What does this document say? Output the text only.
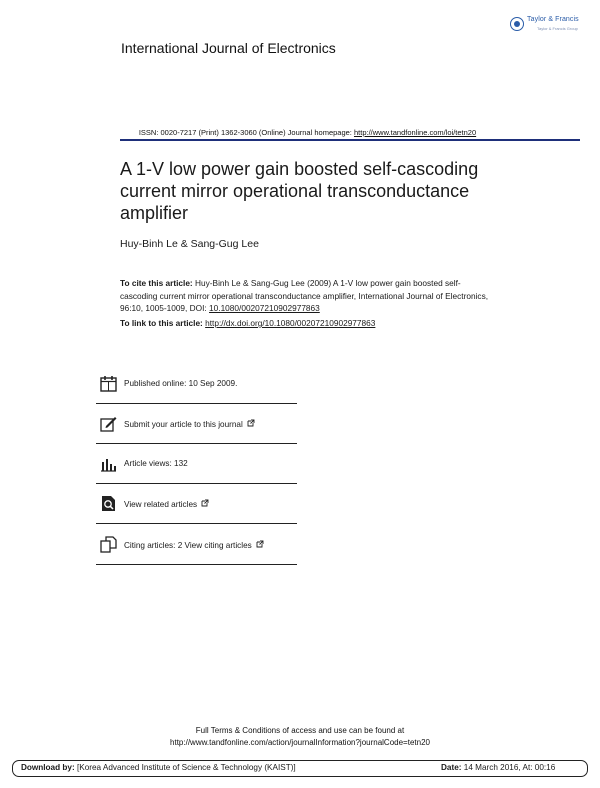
Taylor & Francis
Taylor & Francis Group
International Journal of Electronics
ISSN: 0020-7217 (Print) 1362-3060 (Online) Journal homepage: http://www.tandfonline.com/loi/tetn20
A 1-V low power gain boosted self-cascoding current mirror operational transconductance amplifier
Huy-Binh Le & Sang-Gug Lee
To cite this article: Huy-Binh Le & Sang-Gug Lee (2009) A 1-V low power gain boosted self-cascoding current mirror operational transconductance amplifier, International Journal of Electronics, 96:10, 1005-1009, DOI: 10.1080/00207210902977863
To link to this article: http://dx.doi.org/10.1080/00207210902977863
Published online: 10 Sep 2009.
Submit your article to this journal
Article views: 132
View related articles
Citing articles: 2 View citing articles
Full Terms & Conditions of access and use can be found at
http://www.tandfonline.com/action/journalInformation?journalCode=tetn20
Download by: [Korea Advanced Institute of Science & Technology (KAIST)]	Date: 14 March 2016, At: 00:16
